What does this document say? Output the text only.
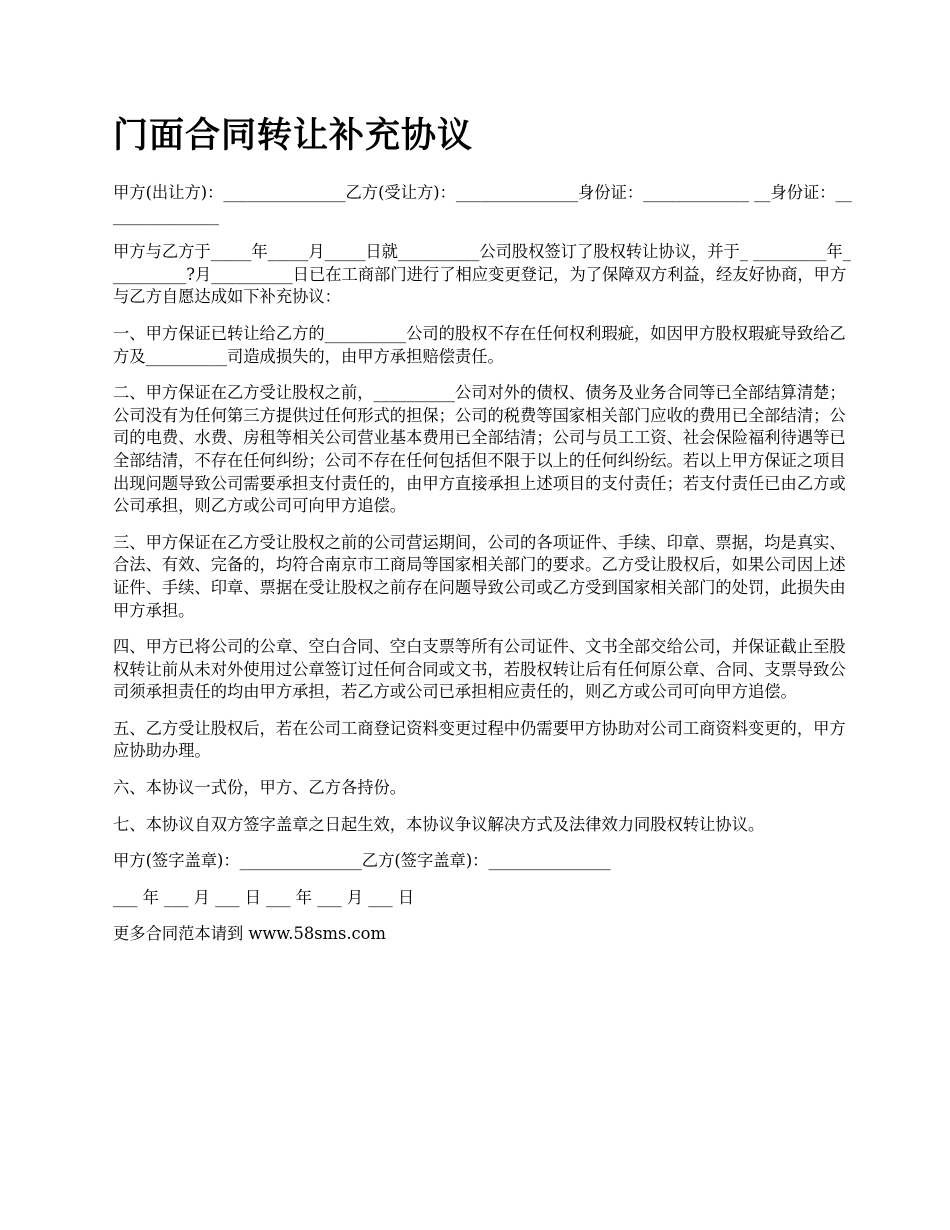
门面合同转让补充协议

甲方(出让方)：_______________乙方(受让方)：_______________身份证：_____________ __身份证：_______________

甲方与乙方于_____年_____月_____日就__________公司股权签订了股权转让协议，并于_ _________年__________?月__________日已在工商部门进行了相应变更登记，为了保障双方利益，经友好协商，甲方与乙方自愿达成如下补充协议：

一、甲方保证已转让给乙方的__________公司的股权不存在任何权利瑕疵，如因甲方股权瑕疵导致给乙方及__________司造成损失的，由甲方承担赔偿责任。

二、甲方保证在乙方受让股权之前，__________公司对外的债权、债务及业务合同等已全部结算清楚；公司没有为任何第三方提供过任何形式的担保；公司的税费等国家相关部门应收的费用已全部结清；公司的电费、水费、房租等相关公司营业基本费用已全部结清；公司与员工工资、社会保险福利待遇等已全部结清，不存在任何纠纷；公司不存在任何包括但不限于以上的任何纠纷纭。若以上甲方保证之项目出现问题导致公司需要承担支付责任的，由甲方直接承担上述项目的支付责任；若支付责任已由乙方或公司承担，则乙方或公司可向甲方追偿。

三、甲方保证在乙方受让股权之前的公司营运期间，公司的各项证件、手续、印章、票据，均是真实、合法、有效、完备的，均符合南京市工商局等国家相关部门的要求。乙方受让股权后，如果公司因上述证件、手续、印章、票据在受让股权之前存在问题导致公司或乙方受到国家相关部门的处罚，此损失由甲方承担。

四、甲方已将公司的公章、空白合同、空白支票等所有公司证件、文书全部交给公司，并保证截止至股权转让前从未对外使用过公章签订过任何合同或文书，若股权转让后有任何原公章、合同、支票导致公司须承担责任的均由甲方承担，若乙方或公司已承担相应责任的，则乙方或公司可向甲方追偿。

五、乙方受让股权后，若在公司工商登记资料变更过程中仍需要甲方协助对公司工商资料变更的，甲方应协助办理。

六、本协议一式份，甲方、乙方各持份。

七、本协议自双方签字盖章之日起生效，本协议争议解决方式及法律效力同股权转让协议。

甲方(签字盖章)：_______________乙方(签字盖章)：_______________

___ 年 ___ 月 ___ 日 ___ 年 ___ 月 ___ 日

更多合同范本请到 www.58sms.com
